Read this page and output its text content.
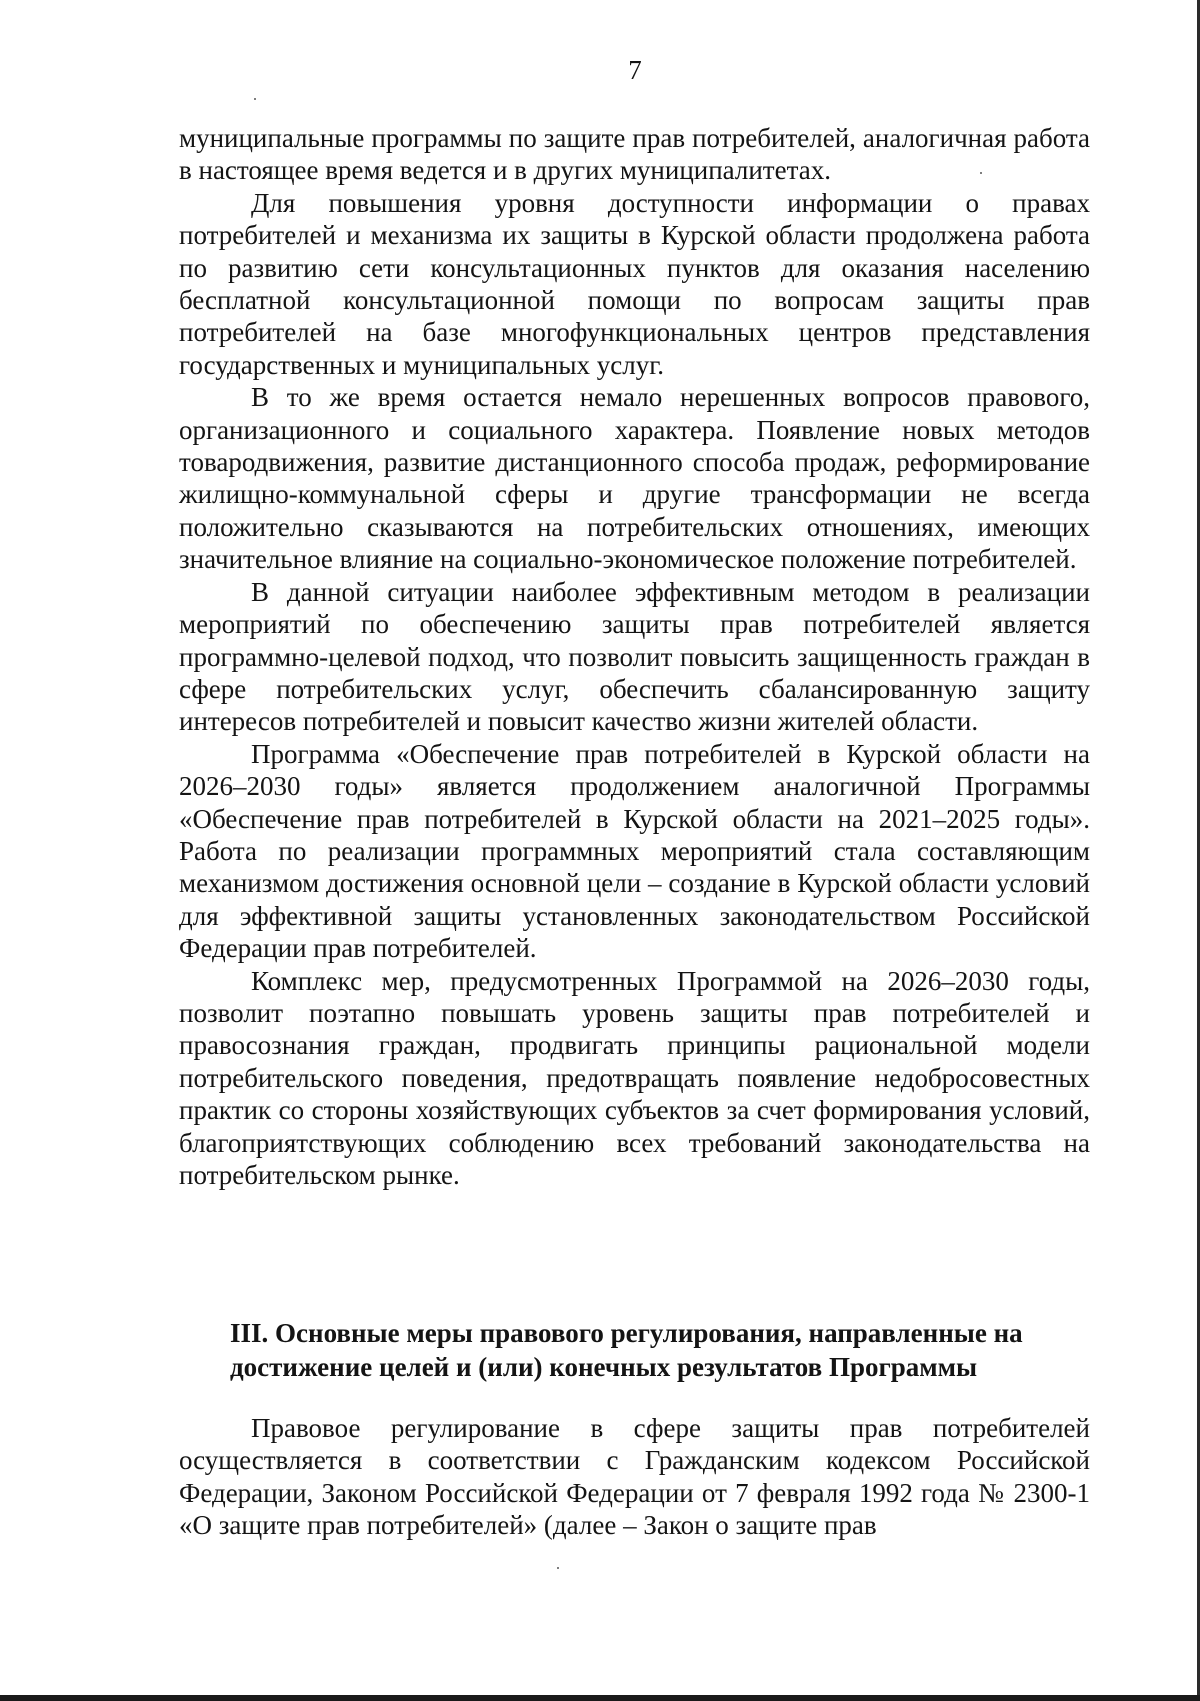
7

муниципальные программы по защите прав потребителей, аналогичная работа в настоящее время ведется и в других муниципалитетах.

Для повышения уровня доступности информации о правах потребителей и механизма их защиты в Курской области продолжена работа по развитию сети консультационных пунктов для оказания населению бесплатной консультационной помощи по вопросам защиты прав потребителей на базе многофункциональных центров представления государственных и муниципальных услуг.

В то же время остается немало нерешенных вопросов правового, организационного и социального характера. Появление новых методов товародвижения, развитие дистанционного способа продаж, реформирование жилищно-коммунальной сферы и другие трансформации не всегда положительно сказываются на потребительских отношениях, имеющих значительное влияние на социально-экономическое положение потребителей.

В данной ситуации наиболее эффективным методом в реализации мероприятий по обеспечению защиты прав потребителей является программно-целевой подход, что позволит повысить защищенность граждан в сфере потребительских услуг, обеспечить сбалансированную защиту интересов потребителей и повысит качество жизни жителей области.

Программа «Обеспечение прав потребителей в Курской области на 2026–2030 годы» является продолжением аналогичной Программы «Обеспечение прав потребителей в Курской области на 2021–2025 годы». Работа по реализации программных мероприятий стала составляющим механизмом достижения основной цели – создание в Курской области условий для эффективной защиты установленных законодательством Российской Федерации прав потребителей.

Комплекс мер, предусмотренных Программой на 2026–2030 годы, позволит поэтапно повышать уровень защиты прав потребителей и правосознания граждан, продвигать принципы рациональной модели потребительского поведения, предотвращать появление недобросовестных практик со стороны хозяйствующих субъектов за счет формирования условий, благоприятствующих соблюдению всех требований законодательства на потребительском рынке.

III. Основные меры правового регулирования, направленные на достижение целей и (или) конечных результатов Программы

Правовое регулирование в сфере защиты прав потребителей осуществляется в соответствии с Гражданским кодексом Российской Федерации, Законом Российской Федерации от 7 февраля 1992 года № 2300-1 «О защите прав потребителей» (далее – Закон о защите прав
